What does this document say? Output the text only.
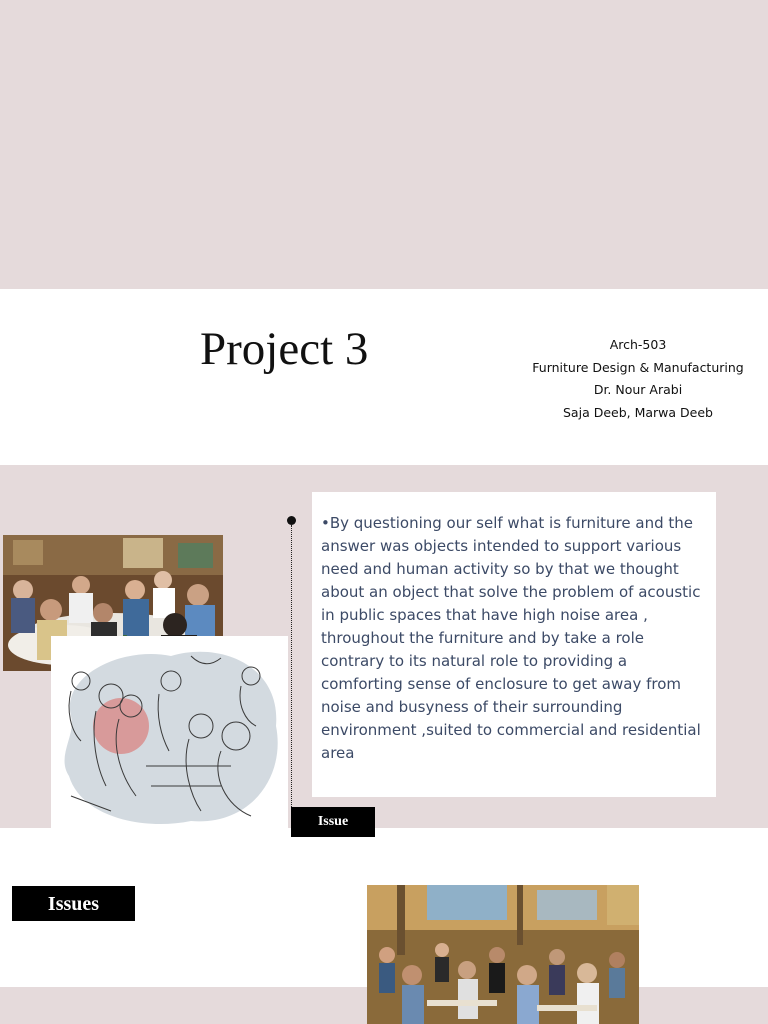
Project 3	Arch-503
Furniture Design & Manufacturing
Dr. Nour Arabi
Saja Deeb, Marwa Deeb

•By questioning our self what is furniture and the answer was objects intended to support various need and human activity so by that we thought about an object that solve the problem of acoustic in public spaces that have high noise area , throughout the furniture and by take a role contrary to its natural role to providing a comforting sense of enclosure to get away from noise and busyness of their surrounding environment ,suited to commercial and residential area

Issue
Issues
